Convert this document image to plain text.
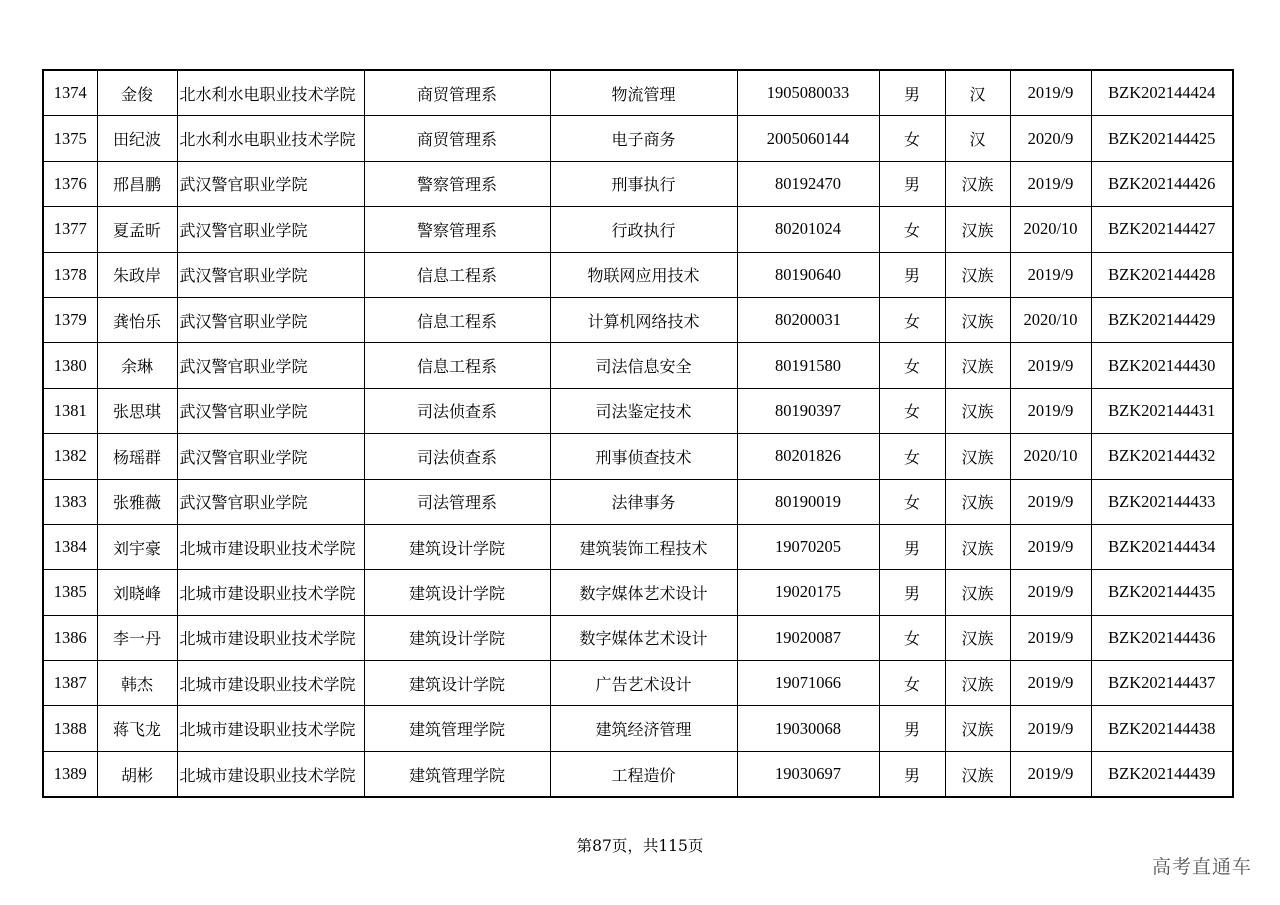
1374	金俊	北水利水电职业技术学院	商贸管理系	物流管理	1905080033	男	汉	2019/9	BZK202144424
1375	田纪波	北水利水电职业技术学院	商贸管理系	电子商务	2005060144	女	汉	2020/9	BZK202144425
1376	邢昌鹏	武汉警官职业学院	警察管理系	刑事执行	80192470	男	汉族	2019/9	BZK202144426
1377	夏孟昕	武汉警官职业学院	警察管理系	行政执行	80201024	女	汉族	2020/10	BZK202144427
1378	朱政岸	武汉警官职业学院	信息工程系	物联网应用技术	80190640	男	汉族	2019/9	BZK202144428
1379	龚怡乐	武汉警官职业学院	信息工程系	计算机网络技术	80200031	女	汉族	2020/10	BZK202144429
1380	余琳	武汉警官职业学院	信息工程系	司法信息安全	80191580	女	汉族	2019/9	BZK202144430
1381	张思琪	武汉警官职业学院	司法侦查系	司法鉴定技术	80190397	女	汉族	2019/9	BZK202144431
1382	杨瑶群	武汉警官职业学院	司法侦查系	刑事侦查技术	80201826	女	汉族	2020/10	BZK202144432
1383	张雅薇	武汉警官职业学院	司法管理系	法律事务	80190019	女	汉族	2019/9	BZK202144433
1384	刘宇豪	北城市建设职业技术学院	建筑设计学院	建筑装饰工程技术	19070205	男	汉族	2019/9	BZK202144434
1385	刘晓峰	北城市建设职业技术学院	建筑设计学院	数字媒体艺术设计	19020175	男	汉族	2019/9	BZK202144435
1386	李一丹	北城市建设职业技术学院	建筑设计学院	数字媒体艺术设计	19020087	女	汉族	2019/9	BZK202144436
1387	韩杰	北城市建设职业技术学院	建筑设计学院	广告艺术设计	19071066	女	汉族	2019/9	BZK202144437
1388	蒋飞龙	北城市建设职业技术学院	建筑管理学院	建筑经济管理	19030068	男	汉族	2019/9	BZK202144438
1389	胡彬	北城市建设职业技术学院	建筑管理学院	工程造价	19030697	男	汉族	2019/9	BZK202144439
第87页，共115页
高考直通车
